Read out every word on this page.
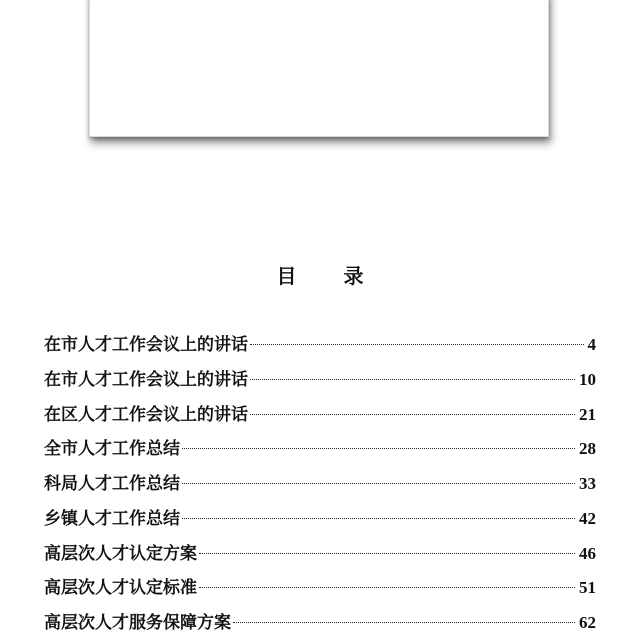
目 录
在市人才工作会议上的讲话	4
在市人才工作会议上的讲话	10
在区人才工作会议上的讲话	21
全市人才工作总结	28
科局人才工作总结	33
乡镇人才工作总结	42
高层次人才认定方案	46
高层次人才认定标准	51
高层次人才服务保障方案	62
